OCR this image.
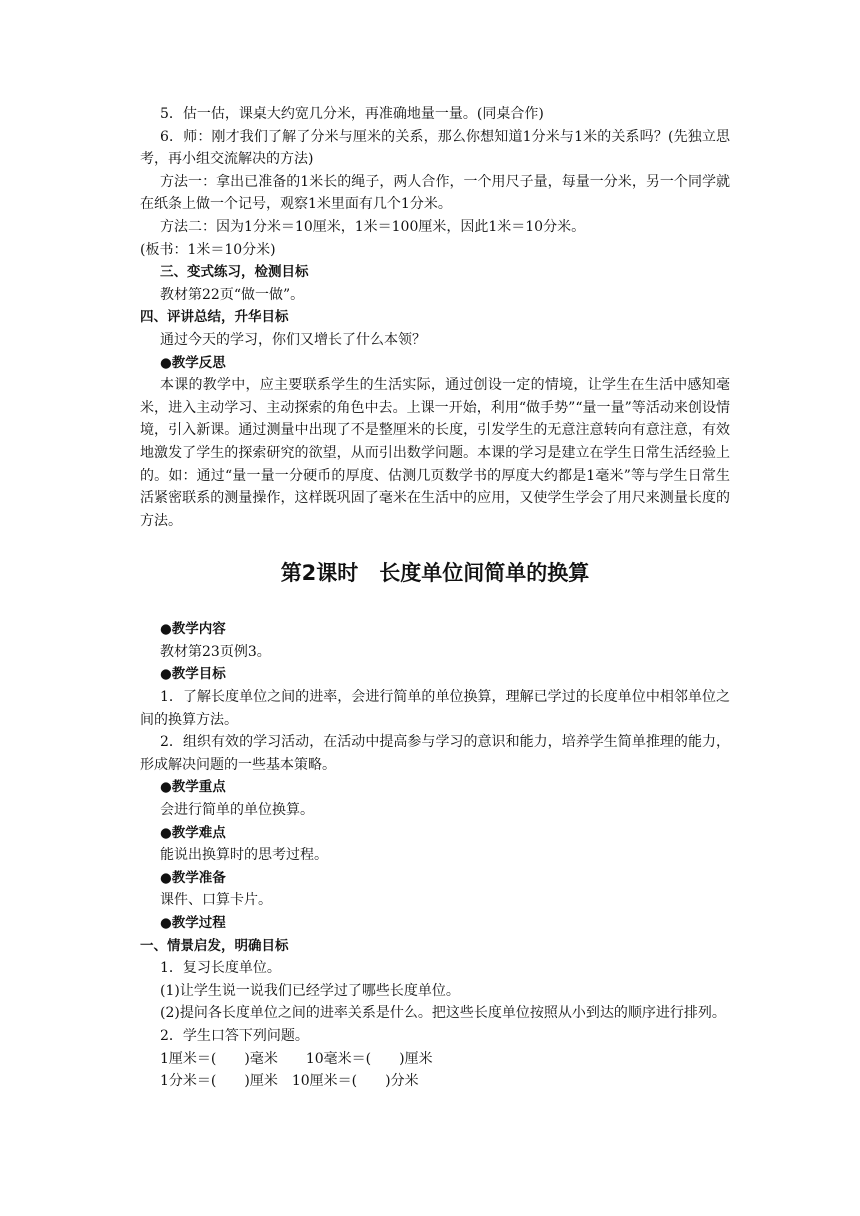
5．估一估，课桌大约宽几分米，再准确地量一量。(同桌合作)

6．师：刚才我们了解了分米与厘米的关系，那么你想知道1分米与1米的关系吗？(先独立思考，再小组交流解决的方法)

方法一：拿出已准备的1米长的绳子，两人合作，一个用尺子量，每量一分米，另一个同学就在纸条上做一个记号，观察1米里面有几个1分米。

方法二：因为1分米＝10厘米，1米＝100厘米，因此1米＝10分米。

(板书：1米＝10分米)

三、变式练习，检测目标

教材第22页“做一做”。

四、评讲总结，升华目标

通过今天的学习，你们又增长了什么本领？

●教学反思

本课的教学中，应主要联系学生的生活实际，通过创设一定的情境，让学生在生活中感知毫米，进入主动学习、主动探索的角色中去。上课一开始，利用“做手势”“量一量”等活动来创设情境，引入新课。通过测量中出现了不是整厘米的长度，引发学生的无意注意转向有意注意，有效地激发了学生的探索研究的欲望，从而引出数学问题。本课的学习是建立在学生日常生活经验上的。如：通过“量一量一分硬币的厚度、估测几页数学书的厚度大约都是1毫米”等与学生日常生活紧密联系的测量操作，这样既巩固了毫米在生活中的应用，又使学生学会了用尺来测量长度的方法。

第2课时　长度单位间简单的换算

●教学内容

教材第23页例3。

●教学目标

1．了解长度单位之间的进率，会进行简单的单位换算，理解已学过的长度单位中相邻单位之间的换算方法。

2．组织有效的学习活动，在活动中提高参与学习的意识和能力，培养学生简单推理的能力，形成解决问题的一些基本策略。

●教学重点

会进行简单的单位换算。

●教学难点

能说出换算时的思考过程。

●教学准备

课件、口算卡片。

●教学过程

一、情景启发，明确目标

1．复习长度单位。

(1)让学生说一说我们已经学过了哪些长度单位。

(2)提问各长度单位之间的进率关系是什么。把这些长度单位按照从小到达的顺序进行排列。

2．学生口答下列问题。

1厘米＝(　　)毫米　　10毫米＝(　　)厘米

1分米＝(　　)厘米　10厘米＝(　　)分米
